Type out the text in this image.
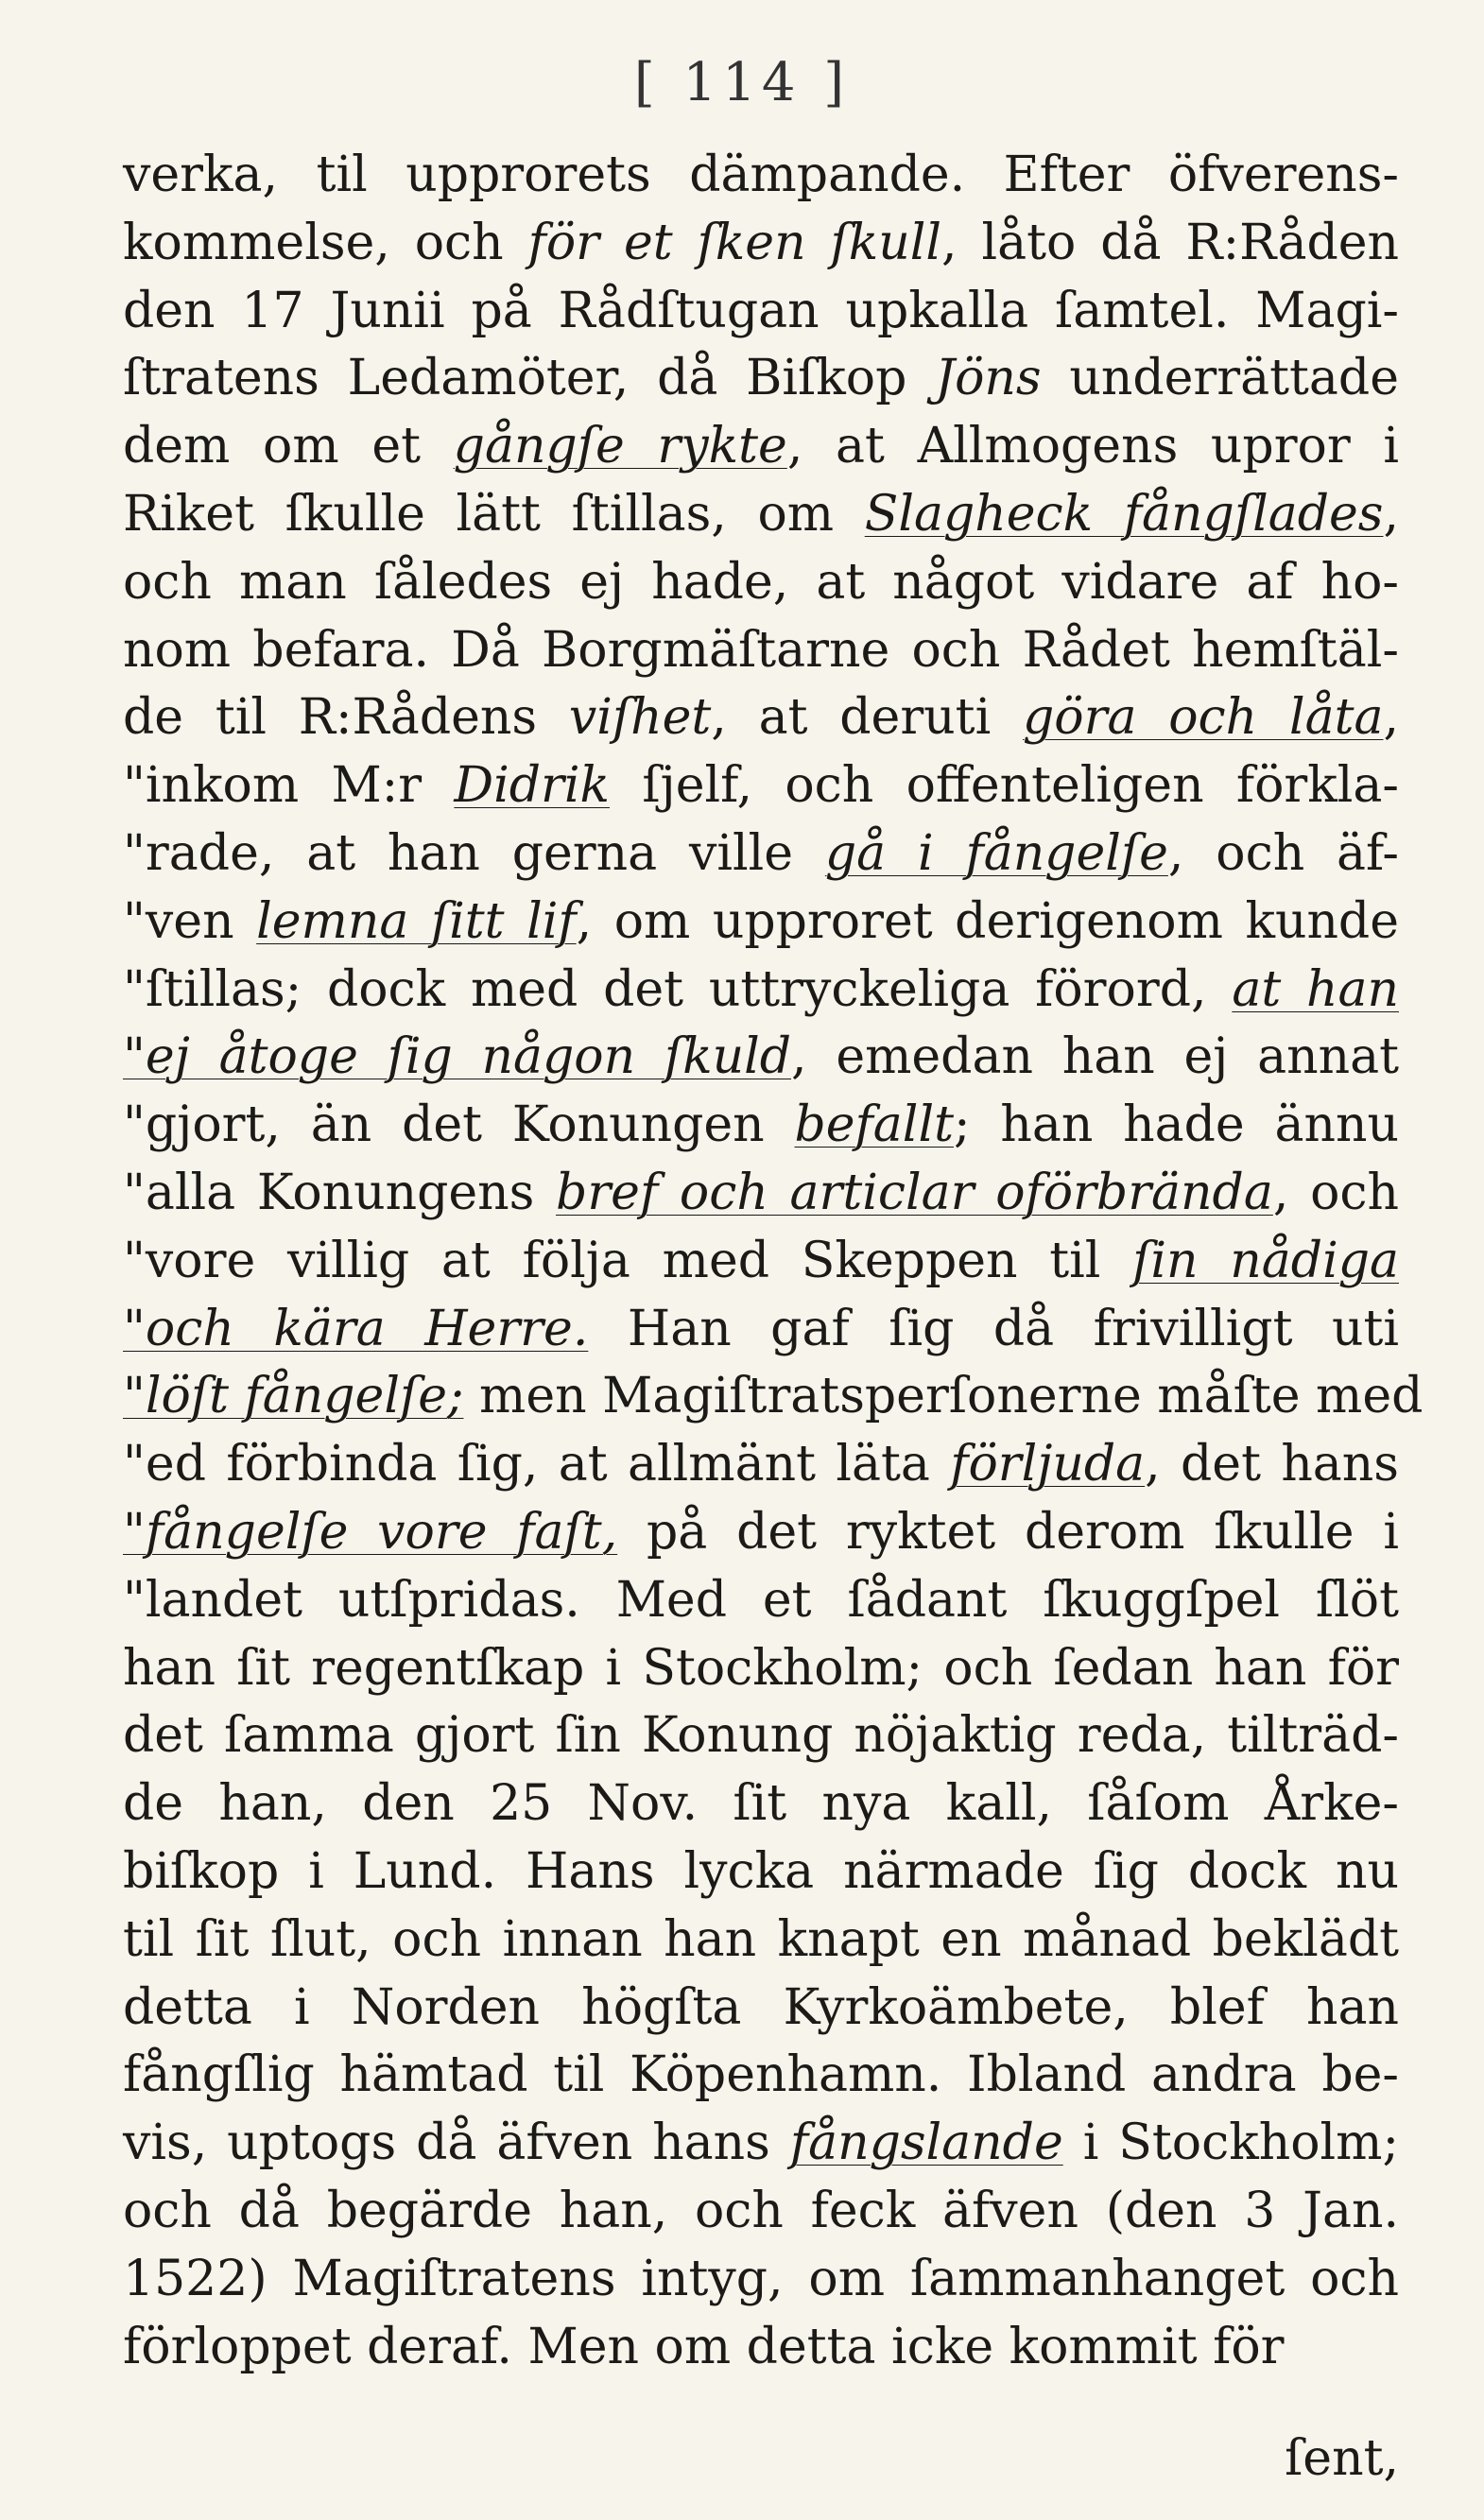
[ 114 ]
verka, til upprorets dämpande. Efter öfverens-
kommelse, och för et ſken ſkull, låto då R:Råden
den 17 Junii på Rådſtugan upkalla ſamtel. Magi-
ſtratens Ledamöter, då Biſkop Jöns underrättade
dem om et gångſe rykte, at Allmogens upror i
Riket ſkulle lätt ſtillas, om Slagheck fångſlades,
och man ſåledes ej hade, at något vidare af ho-
nom befara. Då Borgmäſtarne och Rådet hemſtäl-
de til R:Rådens viſhet, at deruti göra och låta,
"inkom M:r Didrik ſjelf, och offenteligen förkla-
"rade, at han gerna ville gå i fångelſe, och äf-
"ven lemna ſitt lif, om upproret derigenom kunde
"ſtillas; dock med det uttryckeliga förord, at han
"ej åtoge ſig någon ſkuld, emedan han ej annat
"gjort, än det Konungen befallt; han hade ännu
"alla Konungens bref och articlar oförbrända, och
"vore villig at följa med Skeppen til ſin nådiga
"och kära Herre. Han gaf ſig då frivilligt uti
"löſt fångelſe; men Magiſtratsperſonerne måſte med
"ed förbinda ſig, at allmänt läta förljuda, det hans
"fångelſe vore faſt, på det ryktet derom ſkulle i
"landet utſpridas. Med et ſådant ſkuggſpel ſlöt
han ſit regentſkap i Stockholm; och ſedan han för
det ſamma gjort ſin Konung nöjaktig reda, tilträd-
de han, den 25 Nov. ſit nya kall, ſåſom Årke-
biſkop i Lund. Hans lycka närmade ſig dock nu
til ſit ſlut, och innan han knapt en månad beklädt
detta i Norden högſta Kyrkoämbete, blef han
fångſlig hämtad til Köpenhamn. Ibland andra be-
vis, uptogs då äfven hans fångslande i Stockholm;
och då begärde han, och feck äfven (den 3 Jan.
1522) Magiſtratens intyg, om ſammanhanget och
förloppet deraf. Men om detta icke kommit för
ſent,
